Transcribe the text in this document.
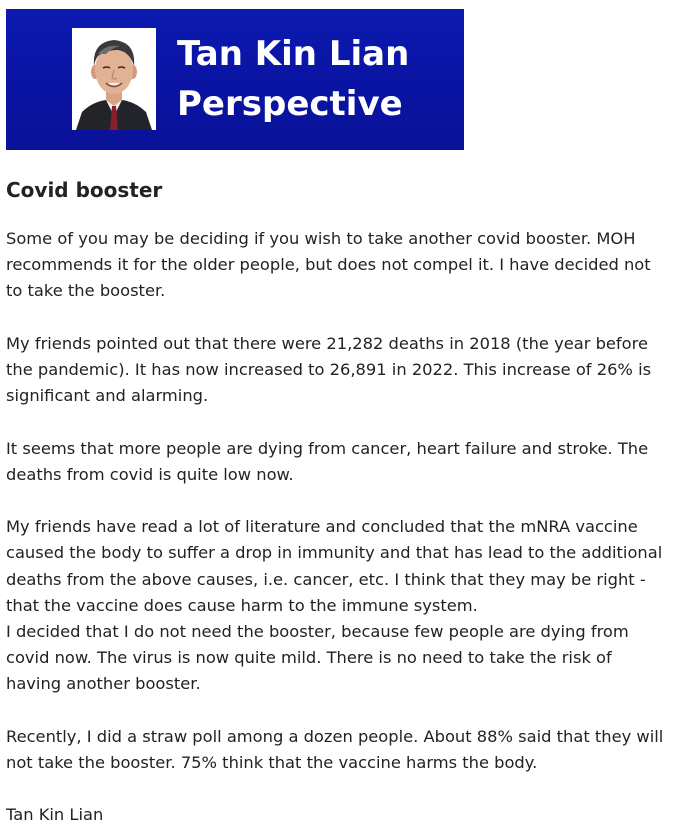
Tan Kin Lian
Perspective
Covid booster

Some of you may be deciding if you wish to take another covid booster. MOH
recommends it for the older people, but does not compel it. I have decided not
to take the booster.

My friends pointed out that there were 21,282 deaths in 2018 (the year before
the pandemic). It has now increased to 26,891 in 2022. This increase of 26% is
significant and alarming.

It seems that more people are dying from cancer, heart failure and stroke. The
deaths from covid is quite low now.

My friends have read a lot of literature and concluded that the mNRA vaccine
caused the body to suffer a drop in immunity and that has lead to the additional
deaths from the above causes, i.e. cancer, etc. I think that they may be right -
that the vaccine does cause harm to the immune system.

I decided that I do not need the booster, because few people are dying from
covid now. The virus is now quite mild. There is no need to take the risk of
having another booster.

Recently, I did a straw poll among a dozen people. About 88% said that they will
not take the booster. 75% think that the vaccine harms the body.

Tan Kin Lian
